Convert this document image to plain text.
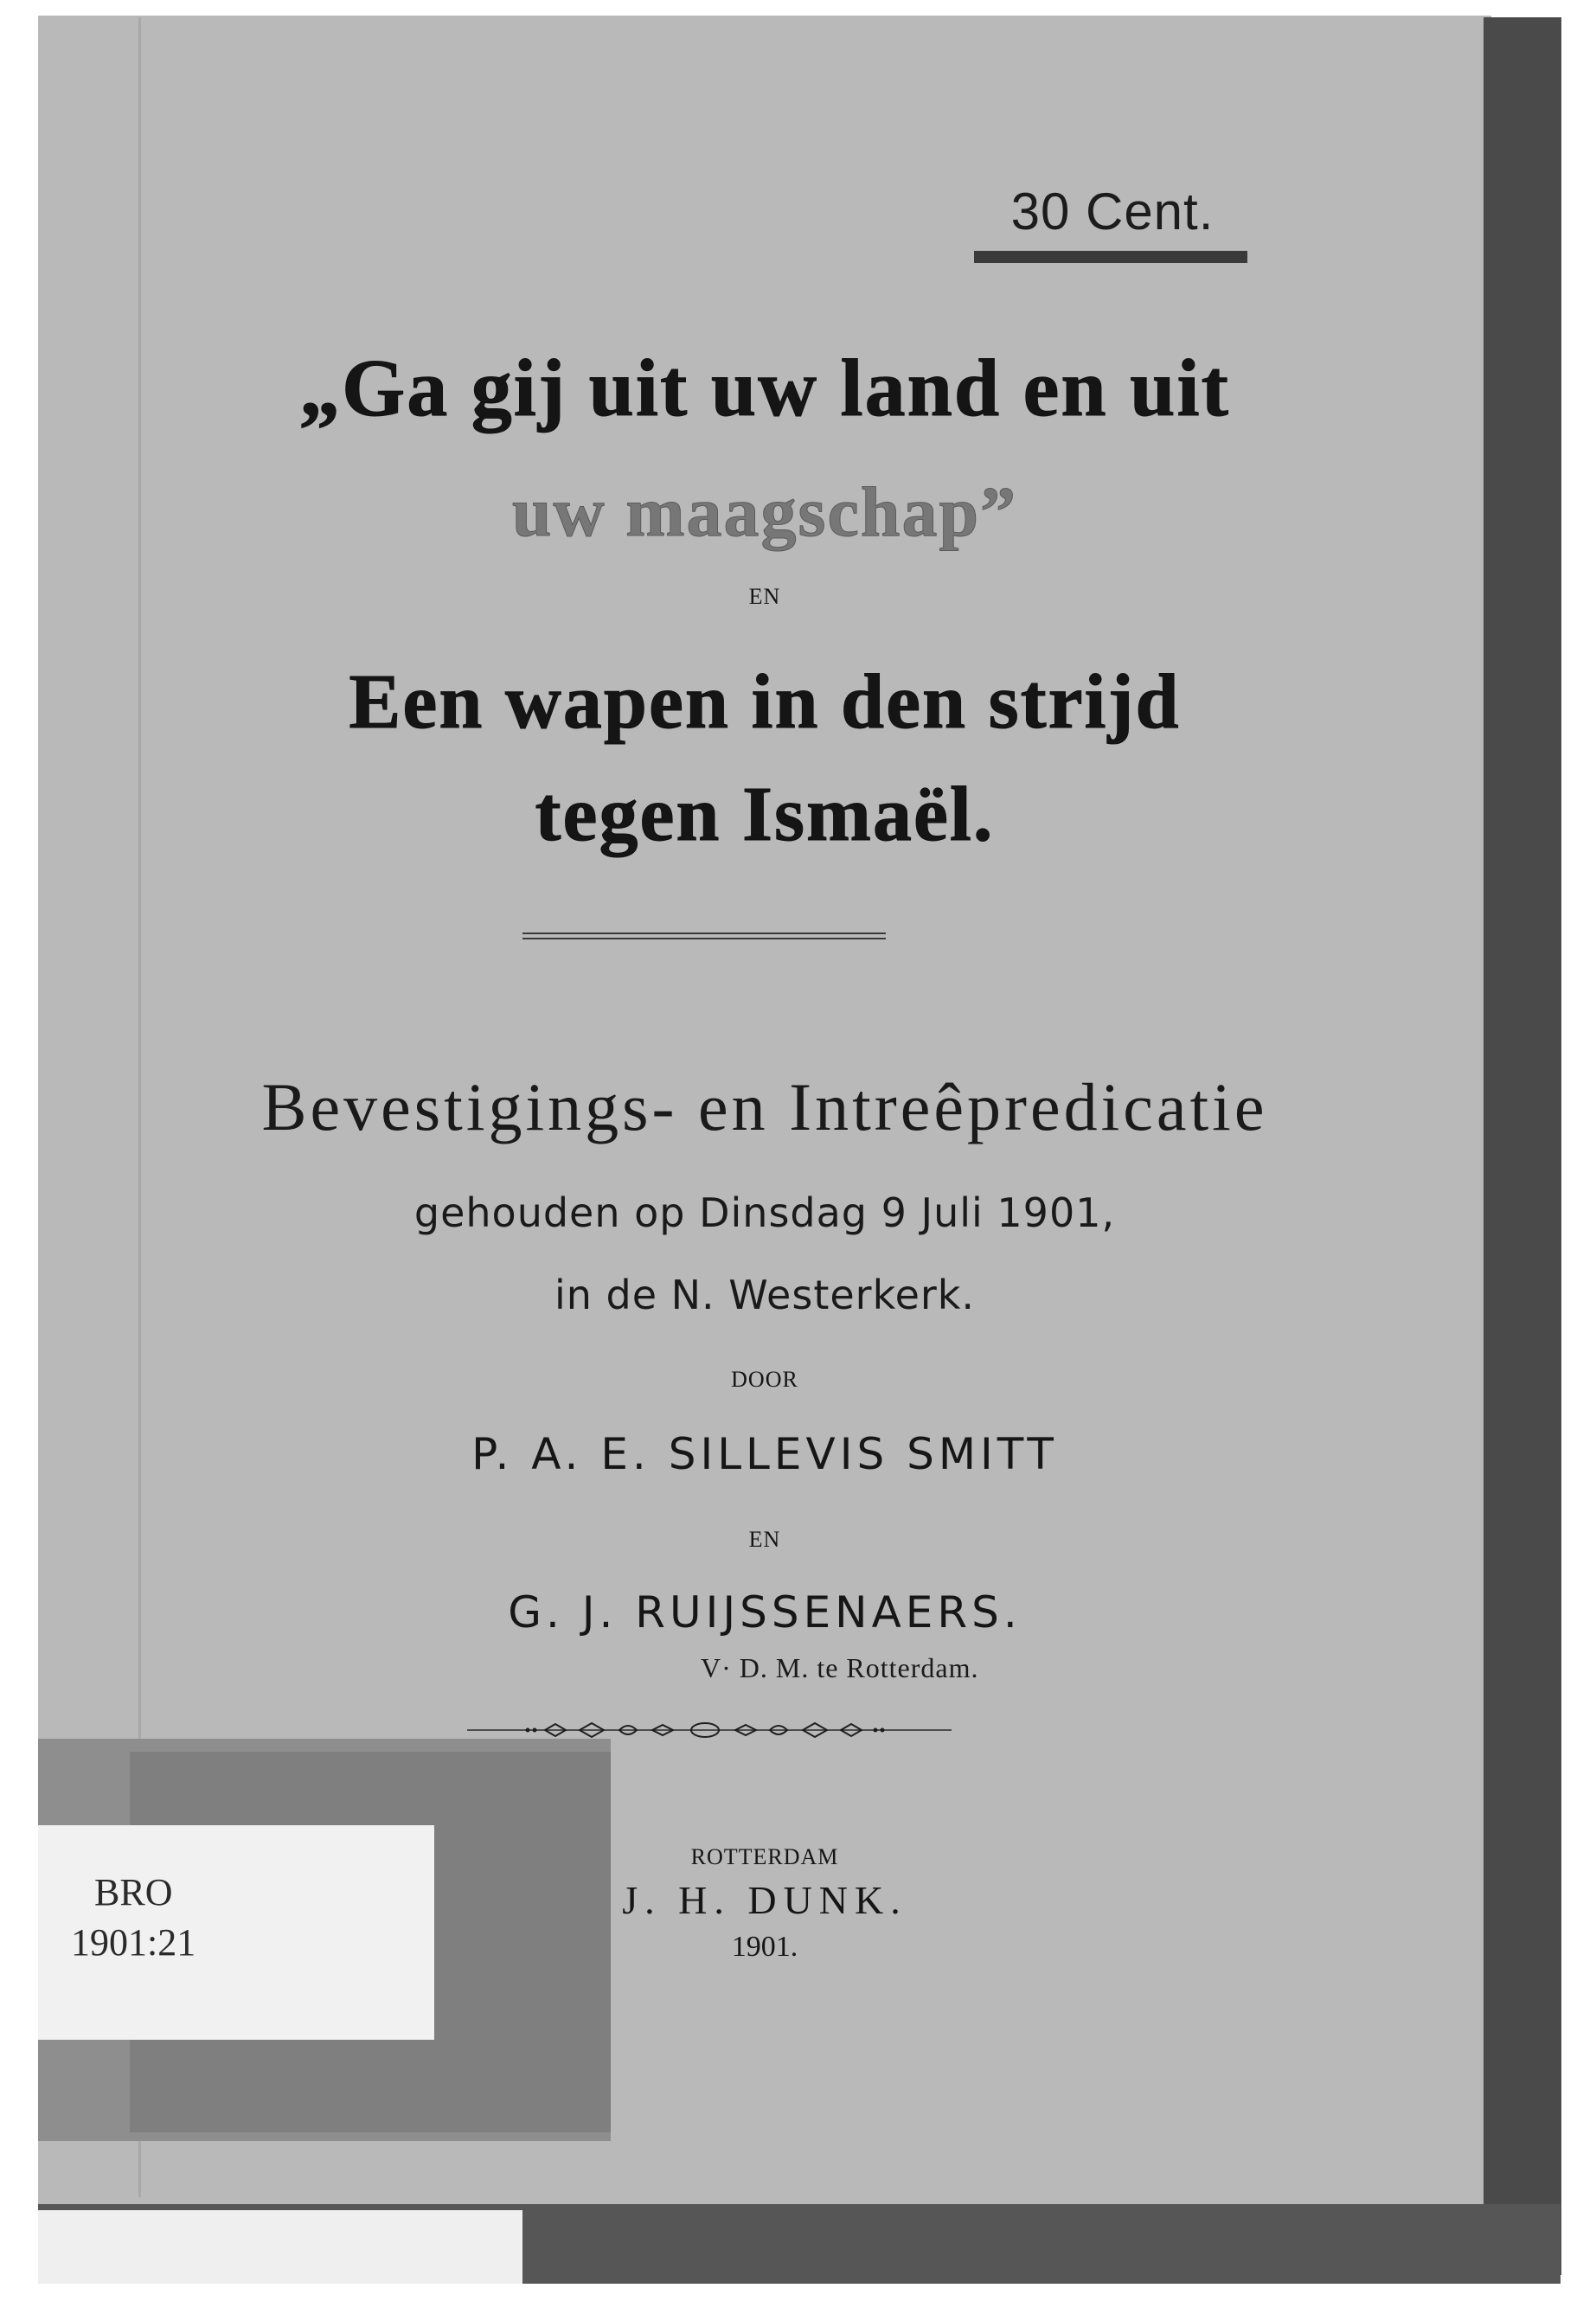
BRO
1901:21
30 Cent.
„Ga gij uit uw land en uit
uw maagschap”
EN
Een wapen in den strijd
tegen Ismaël.
Bevestigings- en Intreêpredicatie
gehouden op Dinsdag 9 Juli 1901,
in de N. Westerkerk.
DOOR
P. A. E. SILLEVIS SMITT
EN
G. J. RUIJSSENAERS.
V· D. M. te Rotterdam.
ROTTERDAM
J. H. DUNK.
1901.
